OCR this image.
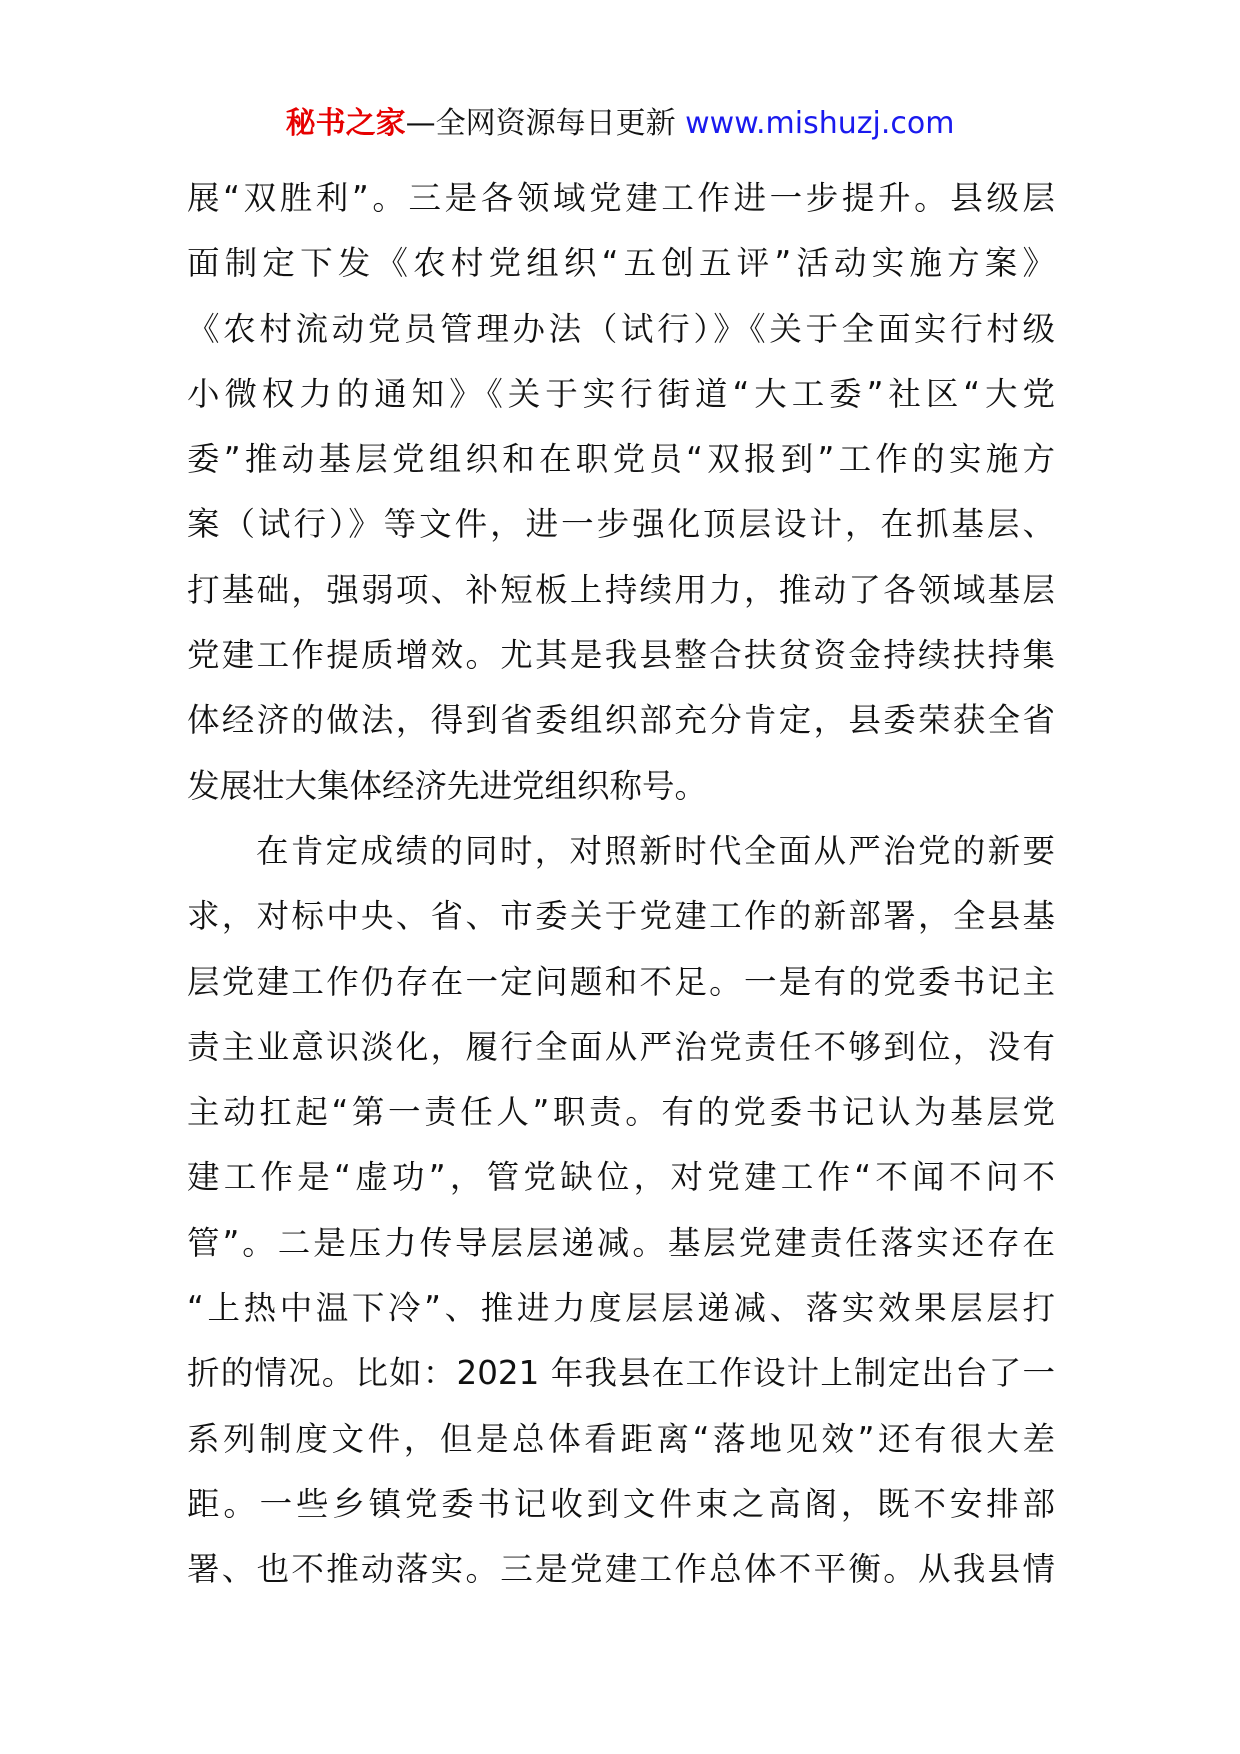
秘书之家—全网资源每日更新 www.mishuzj.com
展“双胜利”。三是各领域党建工作进一步提升。县级层
面制定下发《农村党组织“五创五评”活动实施方案》
《农村流动党员管理办法（试行）》《关于全面实行村级
小微权力的通知》《关于实行街道“大工委”社区“大党
委”推动基层党组织和在职党员“双报到”工作的实施方
案（试行）》等文件，进一步强化顶层设计，在抓基层、
打基础，强弱项、补短板上持续用力，推动了各领域基层
党建工作提质增效。尤其是我县整合扶贫资金持续扶持集
体经济的做法，得到省委组织部充分肯定，县委荣获全省
发展壮大集体经济先进党组织称号。
在肯定成绩的同时，对照新时代全面从严治党的新要
求，对标中央、省、市委关于党建工作的新部署，全县基
层党建工作仍存在一定问题和不足。一是有的党委书记主
责主业意识淡化，履行全面从严治党责任不够到位，没有
主动扛起“第一责任人”职责。有的党委书记认为基层党
建工作是“虚功”，管党缺位，对党建工作“不闻不问不
管”。二是压力传导层层递减。基层党建责任落实还存在
“上热中温下冷”、推进力度层层递减、落实效果层层打
折的情况。比如：2021 年我县在工作设计上制定出台了一
系列制度文件，但是总体看距离“落地见效”还有很大差
距。一些乡镇党委书记收到文件束之高阁，既不安排部
署、也不推动落实。三是党建工作总体不平衡。从我县情
